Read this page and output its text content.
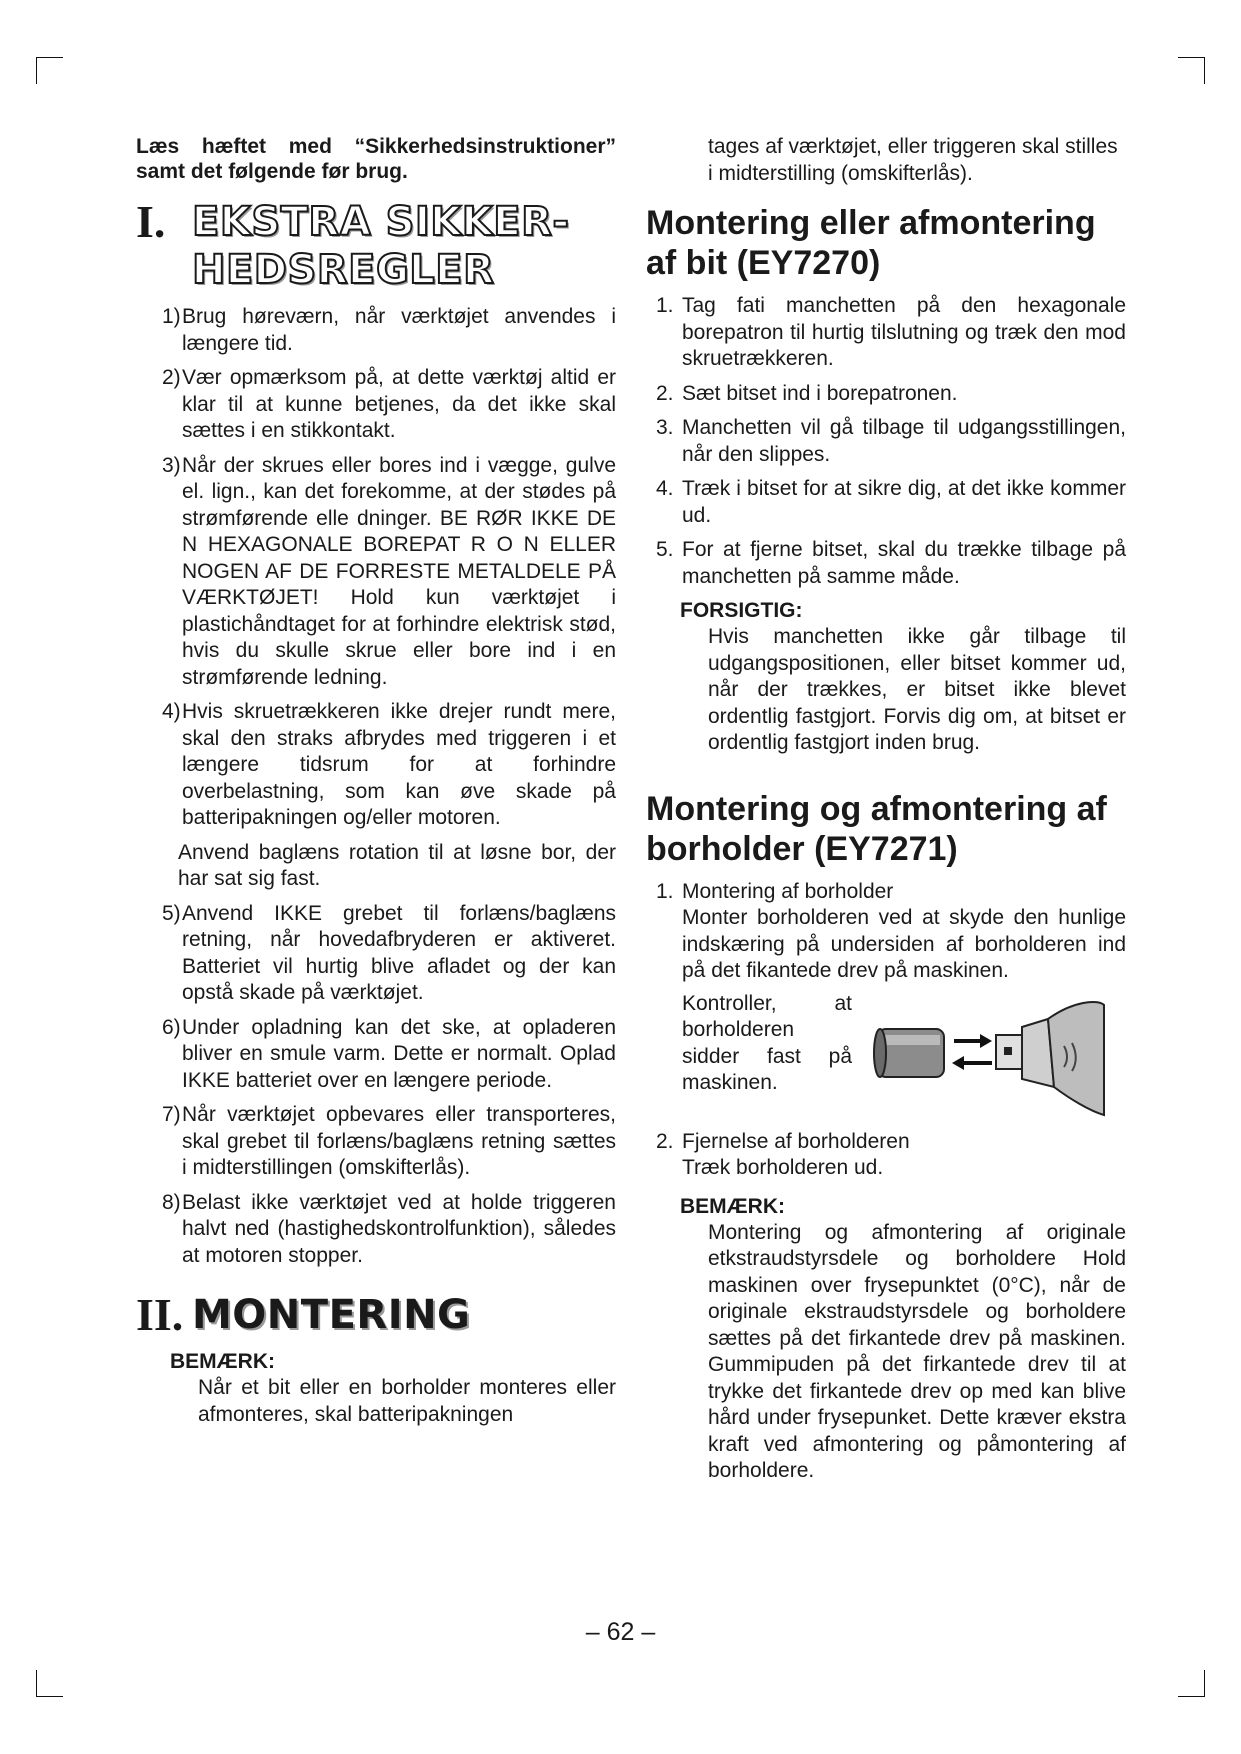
Læs hæftet med “Sikkerhedsinstruktioner” samt det følgende før brug.

I. EKSTRA SIKKER-
HEDSREGLER
1) Brug høreværn, når værktøjet anvendes i længere tid.
2) Vær opmærksom på, at dette værktøj altid er klar til at kunne betjenes, da det ikke skal sættes i en stikkontakt.
3) Når der skrues eller bores ind i vægge, gulve el. lign., kan det forekomme, at der stødes på strømførende elle dninger. BE RØR IKKE DE N HEXAGONALE BOREPAT R O N ELLER NOGEN AF DE FORRESTE METALDELE PÅ VÆRKTØJET! Hold kun værktøjet i plastichåndtaget for at forhindre elektrisk stød, hvis du skulle skrue eller bore ind i en strømførende ledning.
4) Hvis skruetrækkeren ikke drejer rundt mere, skal den straks afbrydes med triggeren i et længere tidsrum for at forhindre overbelastning, som kan øve skade på batteripakningen og/eller motoren.
Anvend baglæns rotation til at løsne bor, der har sat sig fast.
5) Anvend IKKE grebet til forlæns/baglæns retning, når hovedafbryderen er aktiveret. Batteriet vil hurtig blive afladet og der kan opstå skade på værktøjet.
6) Under opladning kan det ske, at opladeren bliver en smule varm. Dette er normalt. Oplad IKKE batteriet over en længere periode.
7) Når værktøjet opbevares eller transporteres, skal grebet til forlæns/baglæns retning sættes i midterstillingen (omskifterlås).
8) Belast ikke værktøjet ved at holde triggeren halvt ned (hastighedskontrolfunktion), således at motoren stopper.
II. MONTERING
BEMÆRK:

Når et bit eller en borholder monteres eller afmonteres, skal batteripakningen

tages af værktøjet, eller triggeren skal stilles i midterstilling (omskifterlås).

Montering eller afmontering af bit (EY7270)
1. Tag fati manchetten på den hexagonale borepatron til hurtig tilslutning og træk den mod skruetrækkeren.
2. Sæt bitset ind i borepatronen.
3. Manchetten vil gå tilbage til udgangsstillingen, når den slippes.
4. Træk i bitset for at sikre dig, at det ikke kommer ud.
5. For at fjerne bitset, skal du trække tilbage på manchetten på samme måde.
FORSIGTIG:

Hvis manchetten ikke går tilbage til udgangspositionen, eller bitset kommer ud, når der trækkes, er bitset ikke blevet ordentlig fastgjort. Forvis dig om, at bitset er ordentlig fastgjort inden brug.

Montering og afmontering af borholder (EY7271)
1. Montering af borholder
Monter borholderen ved at skyde den hunlige indskæring på undersiden af borholderen ind på det fikantede drev på maskinen.
Kontroller, at borholderen sidder fast på maskinen.
2. Fjernelse af borholderen
Træk borholderen ud.
BEMÆRK:

Montering og afmontering af originale etkstraudstyrsdele og borholdere Hold maskinen over frysepunktet (0°C), når de originale ekstraudstyrsdele og borholdere sættes på det firkantede drev på maskinen. Gummipuden på det firkantede drev til at trykke det firkantede drev op med kan blive hård under frysepunket. Dette kræver ekstra kraft ved afmontering og påmontering af borholdere.

– 62 –
